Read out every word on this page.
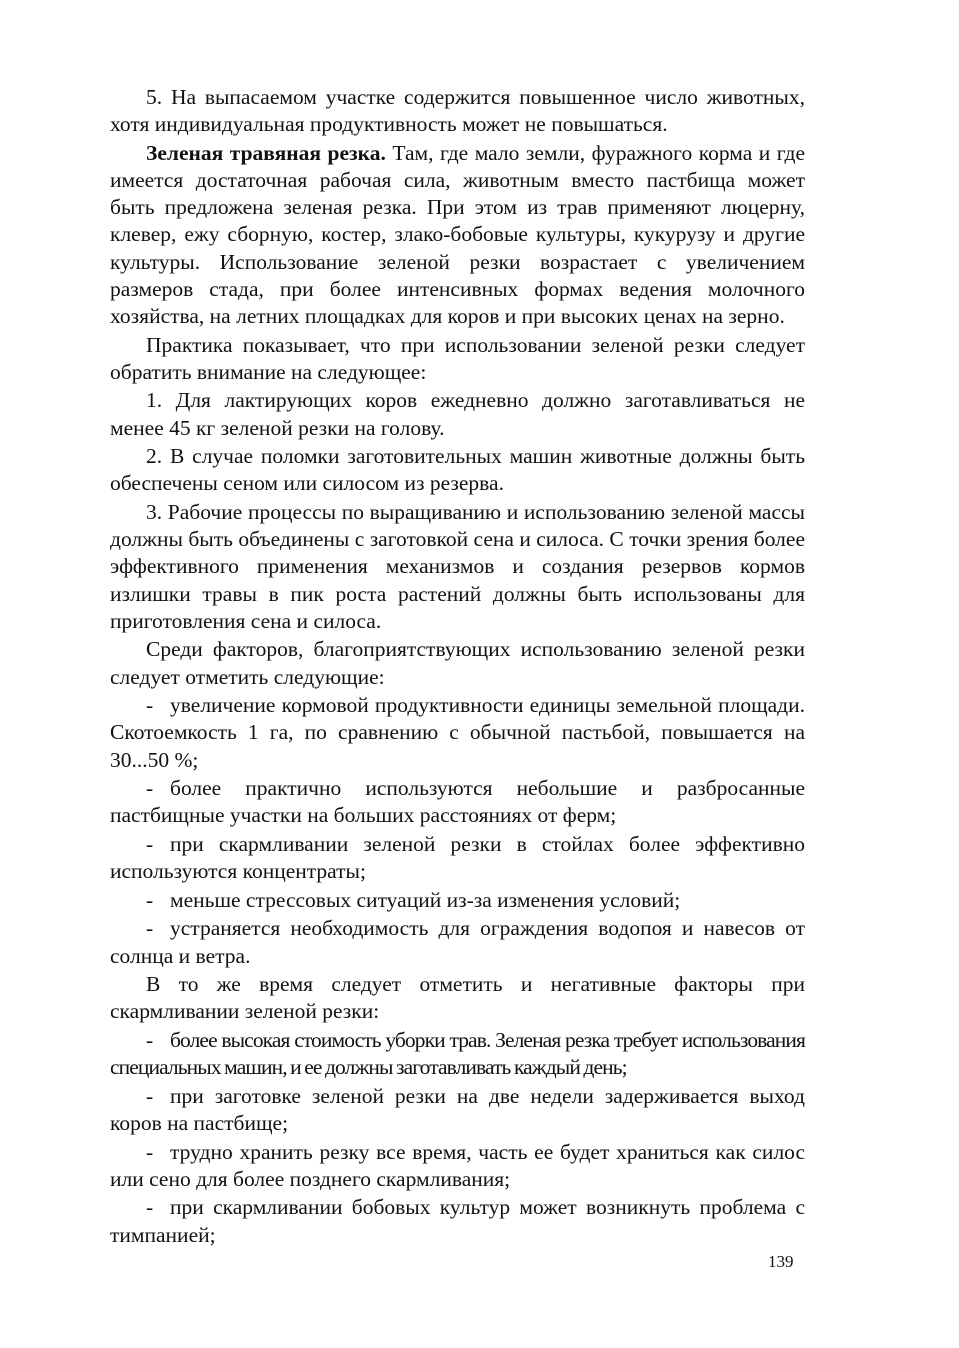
5. На выпасаемом участке содержится повышенное число животных, хотя индивидуальная продуктивность может не повышаться.

Зеленая травяная резка. Там, где мало земли, фуражного корма и где имеется достаточная рабочая сила, животным вместо пастбища может быть предложена зеленая резка. При этом из трав применяют люцерну, клевер, ежу сборную, костер, злако-бобовые культуры, кукурузу и другие культуры. Использование зеленой резки возрастает с увеличением размеров стада, при более интенсивных формах ведения молочного хозяйства, на летних площадках для коров и при высоких ценах на зерно.

Практика показывает, что при использовании зеленой резки следует обратить внимание на следующее:

1. Для лактирующих коров ежедневно должно заготавливаться не менее 45 кг зеленой резки на голову.

2. В случае поломки заготовительных машин животные должны быть обеспечены сеном или силосом из резерва.

3. Рабочие процессы по выращиванию и использованию зеленой массы должны быть объединены с заготовкой сена и силоса. С точки зрения более эффективного применения механизмов и создания резервов кормов излишки травы в пик роста растений должны быть использованы для приготовления сена и силоса.

Среди факторов, благоприятствующих использованию зеленой резки следует отметить следующие:

- увеличение кормовой продуктивности единицы земельной площади. Скотоемкость 1 га, по сравнению с обычной пастьбой, повышается на 30...50 %;

- более практично используются небольшие и разбросанные пастбищные участки на больших расстояниях от ферм;

- при скармливании зеленой резки в стойлах более эффективно используются концентраты;

- меньше стрессовых ситуаций из-за изменения условий;

- устраняется необходимость для ограждения водопоя и навесов от солнца и ветра.

В то же время следует отметить и негативные факторы при скармливании зеленой резки:

- более высокая стоимость уборки трав. Зеленая резка требует использования специальных машин, и ее должны заготавливать каждый день;

- при заготовке зеленой резки на две недели задерживается выход коров на пастбище;

- трудно хранить резку все время, часть ее будет храниться как силос или сено для более позднего скармливания;

- при скармливании бобовых культур может возникнуть проблема с тимпанией;

139
